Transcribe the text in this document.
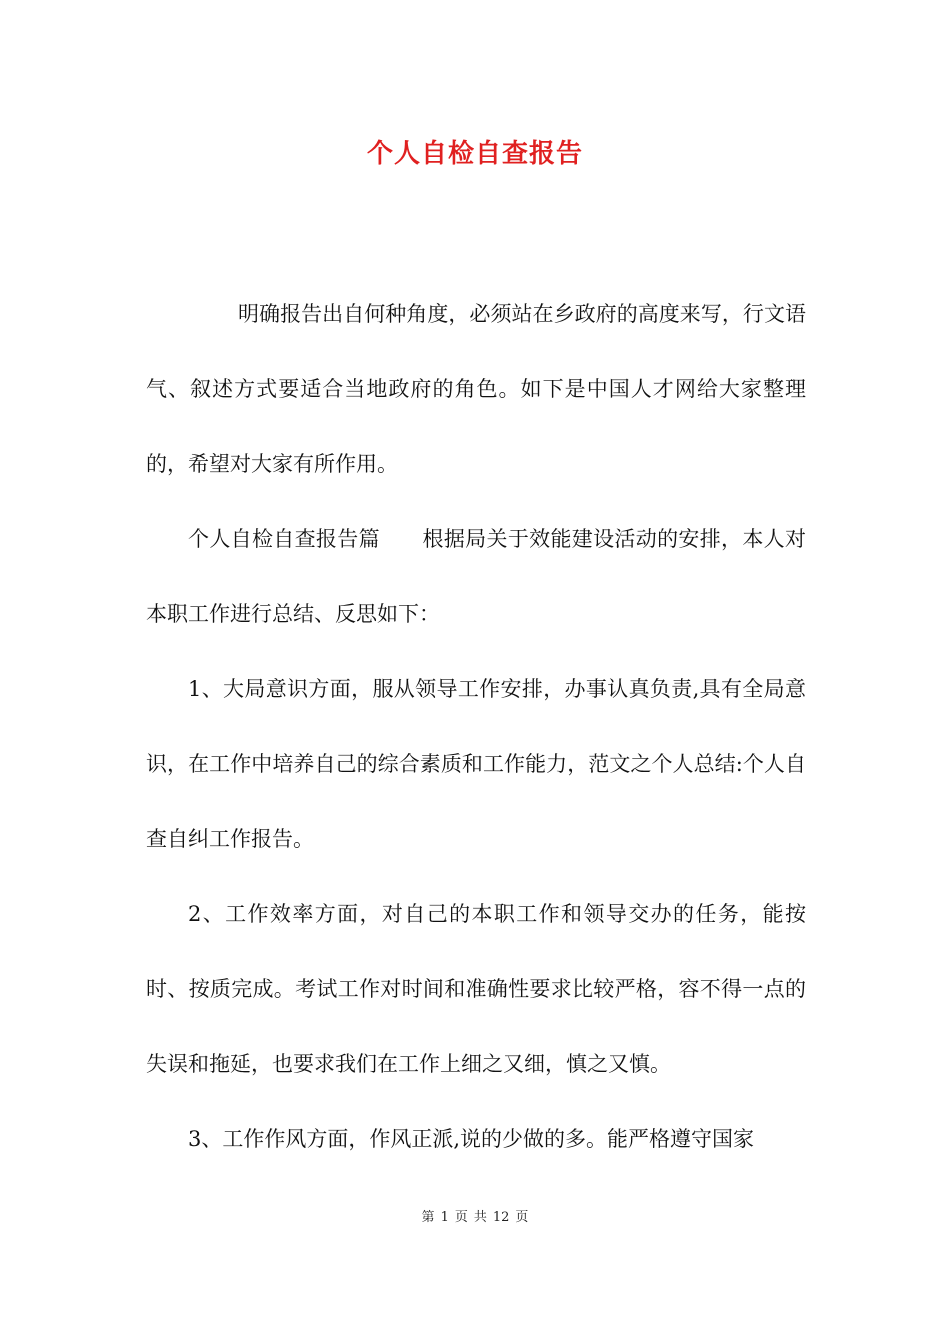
个人自检自查报告

明确报告出自何种角度，必须站在乡政府的高度来写，行文语气、叙述方式要适合当地政府的角色。如下是中国人才网给大家整理的，希望对大家有所作用。

个人自检自查报告篇　　根据局关于效能建设活动的安排，本人对本职工作进行总结、反思如下：

1、大局意识方面，服从领导工作安排，办事认真负责,具有全局意识，在工作中培养自己的综合素质和工作能力，范文之个人总结:个人自查自纠工作报告。

2、工作效率方面，对自己的本职工作和领导交办的任务，能按时、按质完成。考试工作对时间和准确性要求比较严格，容不得一点的失误和拖延，也要求我们在工作上细之又细，慎之又慎。

3、工作作风方面，作风正派,说的少做的多。能严格遵守国家

第 1 页 共 12 页
